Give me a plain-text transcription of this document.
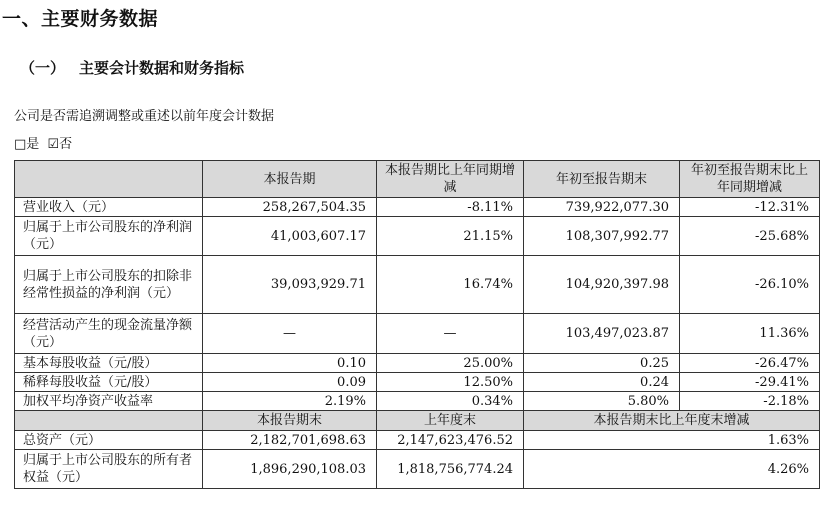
一、主要财务数据
（一） 主要会计数据和财务指标
公司是否需追溯调整或重述以前年度会计数据
□是 ☑否
	本报告期	本报告期比上年同期增减	年初至报告期末	年初至报告期末比上年同期增减
营业收入（元）	258,267,504.35	-8.11%	739,922,077.30	-12.31%
归属于上市公司股东的净利润（元）	41,003,607.17	21.15%	108,307,992.77	-25.68%
归属于上市公司股东的扣除非经常性损益的净利润（元）	39,093,929.71	16.74%	104,920,397.98	-26.10%
经营活动产生的现金流量净额（元）	—	—	103,497,023.87	11.36%
基本每股收益（元/股）	0.10	25.00%	0.25	-26.47%
稀释每股收益（元/股）	0.09	12.50%	0.24	-29.41%
加权平均净资产收益率	2.19%	0.34%	5.80%	-2.18%
	本报告期末	上年度末	本报告期末比上年度末增减	
总资产（元）	2,182,701,698.63	2,147,623,476.52	1.63%	
归属于上市公司股东的所有者权益（元）	1,896,290,108.03	1,818,756,774.24	4.26%	
